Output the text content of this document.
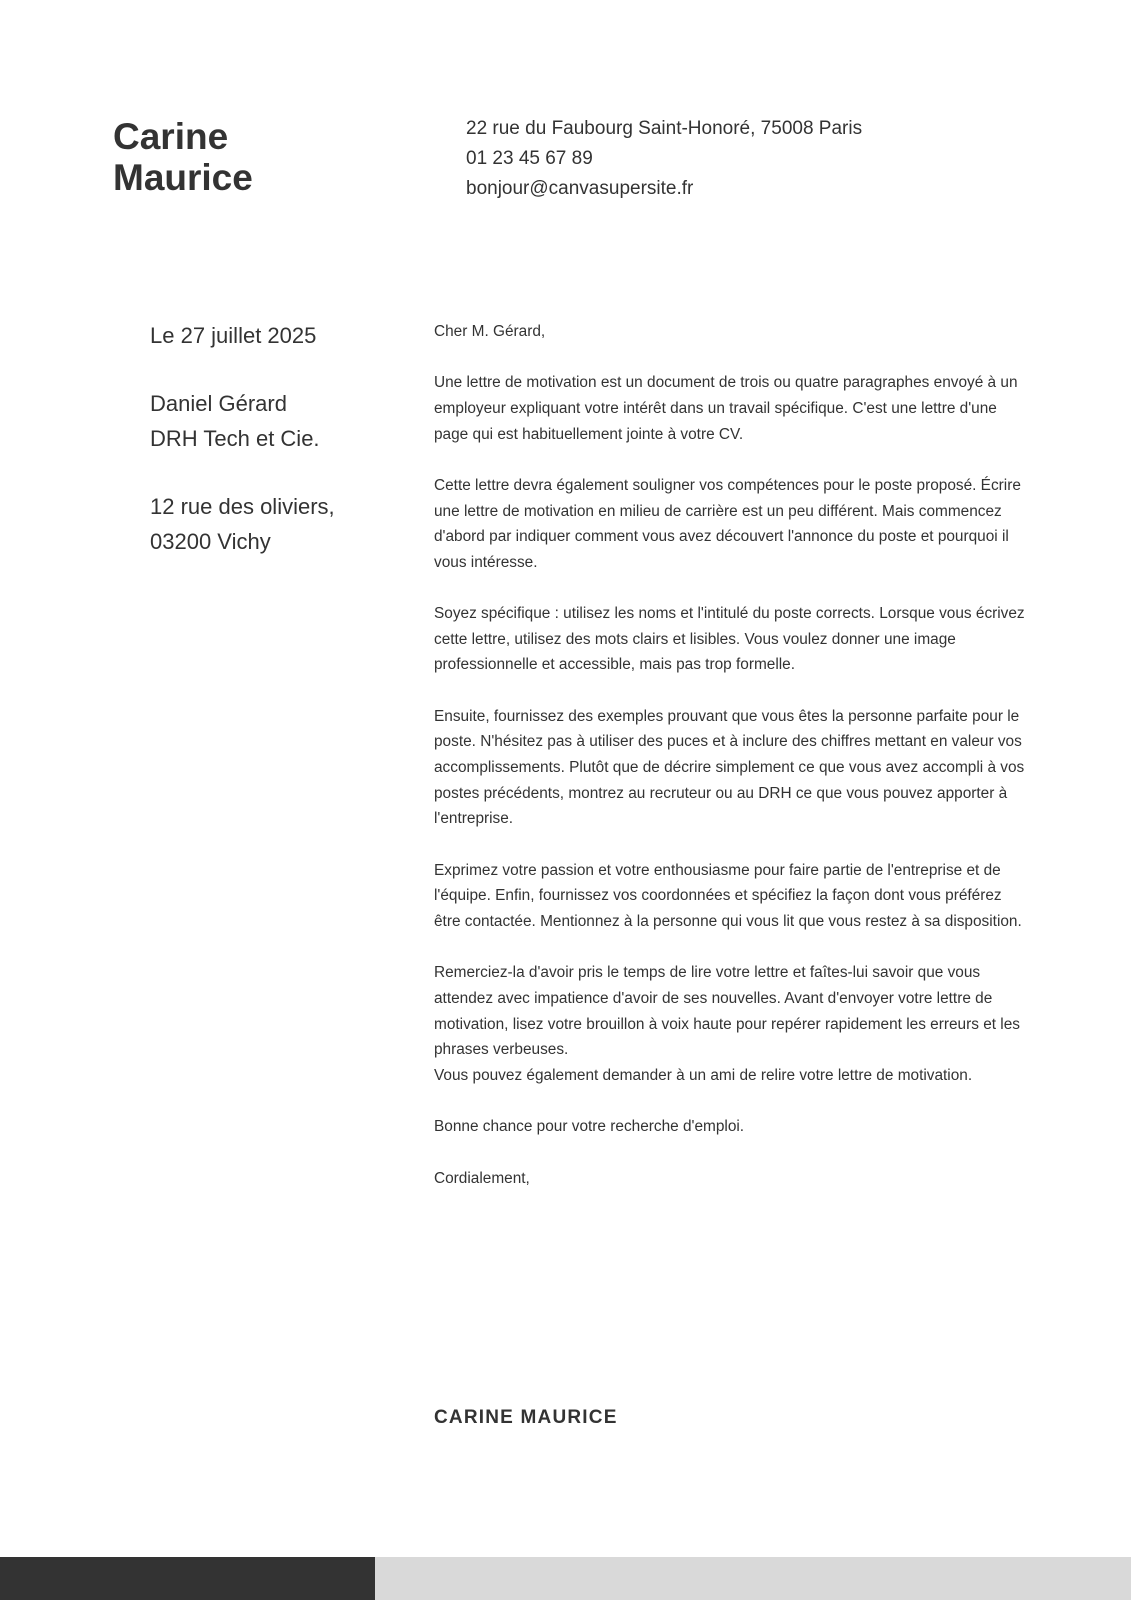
Carine
Maurice
22 rue du Faubourg Saint-Honoré, 75008 Paris
01 23 45 67 89
bonjour@canvasupersite.fr
Le 27 juillet 2025
Daniel Gérard
DRH Tech et Cie.
12 rue des oliviers,
03200 Vichy

Cher M. Gérard,

Une lettre de motivation est un document de trois ou quatre paragraphes envoyé à un employeur expliquant votre intérêt dans un travail spécifique. C'est une lettre d'une page qui est habituellement jointe à votre CV.

Cette lettre devra également souligner vos compétences pour le poste proposé. Écrire une lettre de motivation en milieu de carrière est un peu différent. Mais commencez d'abord par indiquer comment vous avez découvert l'annonce du poste et pourquoi il vous intéresse.

Soyez spécifique : utilisez les noms et l'intitulé du poste corrects. Lorsque vous écrivez cette lettre, utilisez des mots clairs et lisibles. Vous voulez donner une image professionnelle et accessible, mais pas trop formelle.

Ensuite, fournissez des exemples prouvant que vous êtes la personne parfaite pour le poste. N'hésitez pas à utiliser des puces et à inclure des chiffres mettant en valeur vos accomplissements. Plutôt que de décrire simplement ce que vous avez accompli à vos postes précédents, montrez au recruteur ou au DRH ce que vous pouvez apporter à l'entreprise.

Exprimez votre passion et votre enthousiasme pour faire partie de l'entreprise et de l'équipe. Enfin, fournissez vos coordonnées et spécifiez la façon dont vous préférez être contactée. Mentionnez à la personne qui vous lit que vous restez à sa disposition.

Remerciez-la d'avoir pris le temps de lire votre lettre et faîtes-lui savoir que vous attendez avec impatience d'avoir de ses nouvelles. Avant d'envoyer votre lettre de motivation, lisez votre brouillon à voix haute pour repérer rapidement les erreurs et les phrases verbeuses.

Vous pouvez également demander à un ami de relire votre lettre de motivation.

Bonne chance pour votre recherche d'emploi.

Cordialement,

CARINE MAURICE
